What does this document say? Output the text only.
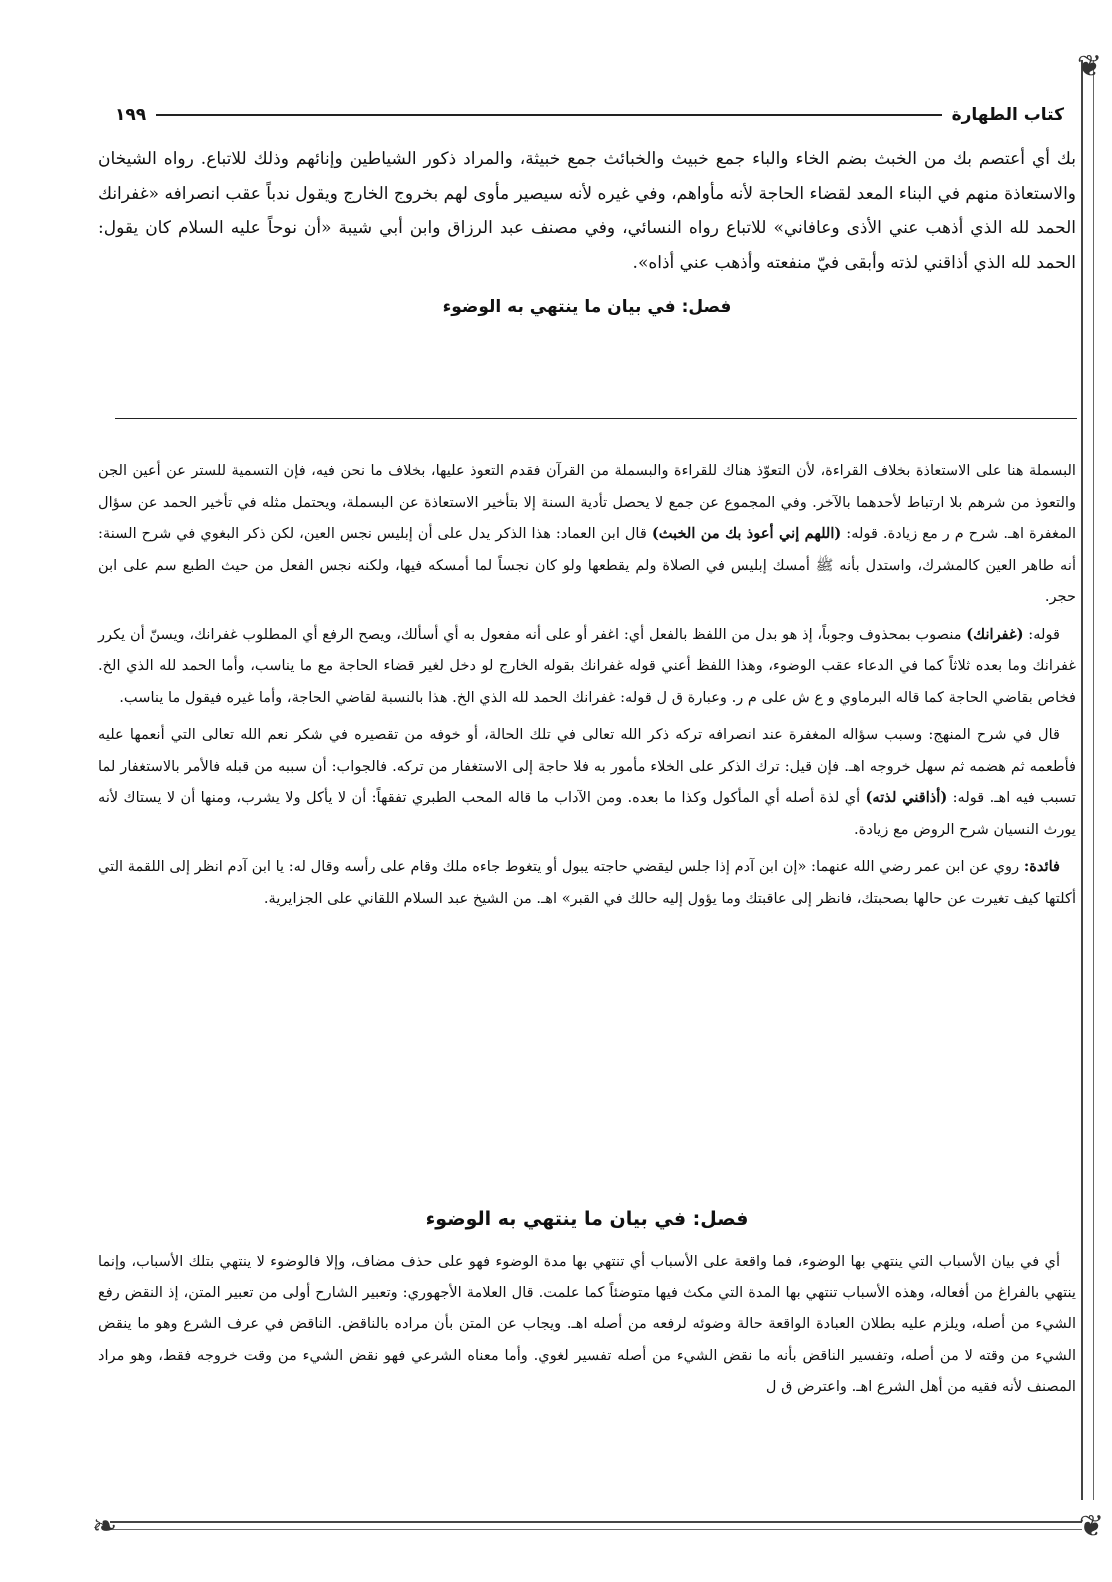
❦
❦
❧
كتاب الطهارة
١٩٩
بك أي أعتصم بك من الخبث بضم الخاء والباء جمع خبيث والخبائث جمع خبيثة، والمراد ذكور الشياطين وإنائهم وذلك للاتباع. رواه الشيخان والاستعاذة منهم في البناء المعد لقضاء الحاجة لأنه مأواهم، وفي غيره لأنه سيصير مأوى لهم بخروج الخارج ويقول ندباً عقب انصرافه «غفرانك الحمد لله الذي أذهب عني الأذى وعافاني» للاتباع رواه النسائي، وفي مصنف عبد الرزاق وابن أبي شيبة «أن نوحاً عليه السلام كان يقول: الحمد لله الذي أذاقني لذته وأبقى فيّ منفعته وأذهب عني أذاه».
فصل: في بيان ما ينتهي به الوضوء

البسملة هنا على الاستعاذة بخلاف القراءة، لأن التعوّذ هناك للقراءة والبسملة من القرآن فقدم التعوذ عليها، بخلاف ما نحن فيه، فإن التسمية للستر عن أعين الجن والتعوذ من شرهم بلا ارتباط لأحدهما بالآخر. وفي المجموع عن جمع لا يحصل تأدية السنة إلا بتأخير الاستعاذة عن البسملة، ويحتمل مثله في تأخير الحمد عن سؤال المغفرة اهـ. شرح م ر مع زيادة. قوله: (اللهم إني أعوذ بك من الخبث) قال ابن العماد: هذا الذكر يدل على أن إبليس نجس العين، لكن ذكر البغوي في شرح السنة: أنه طاهر العين كالمشرك، واستدل بأنه ﷺ أمسك إبليس في الصلاة ولم يقطعها ولو كان نجساً لما أمسكه فيها، ولكنه نجس الفعل من حيث الطبع سم على ابن حجر.

قوله: (غفرانك) منصوب بمحذوف وجوباً، إذ هو بدل من اللفظ بالفعل أي: اغفر أو على أنه مفعول به أي أسألك، ويصح الرفع أي المطلوب غفرانك، ويسنّ أن يكرر غفرانك وما بعده ثلاثاً كما في الدعاء عقب الوضوء، وهذا اللفظ أعني قوله غفرانك بقوله الخارج لو دخل لغير قضاء الحاجة مع ما يناسب، وأما الحمد لله الذي الخ. فخاص بقاضي الحاجة كما قاله البرماوي و ع ش على م ر. وعبارة ق ل قوله: غفرانك الحمد لله الذي الخ. هذا بالنسبة لقاضي الحاجة، وأما غيره فيقول ما يناسب.

قال في شرح المنهج: وسبب سؤاله المغفرة عند انصرافه تركه ذكر الله تعالى في تلك الحالة، أو خوفه من تقصيره في شكر نعم الله تعالى التي أنعمها عليه فأطعمه ثم هضمه ثم سهل خروجه اهـ. فإن قيل: ترك الذكر على الخلاء مأمور به فلا حاجة إلى الاستغفار من تركه. فالجواب: أن سببه من قبله فالأمر بالاستغفار لما تسبب فيه اهـ. قوله: (أذاقني لذته) أي لذة أصله أي المأكول وكذا ما بعده. ومن الآداب ما قاله المحب الطبري تفقهاً: أن لا يأكل ولا يشرب، ومنها أن لا يستاك لأنه يورث النسيان شرح الروض مع زيادة.

فائدة: روي عن ابن عمر رضي الله عنهما: «إن ابن آدم إذا جلس ليقضي حاجته يبول أو يتغوط جاءه ملك وقام على رأسه وقال له: يا ابن آدم انظر إلى اللقمة التي أكلتها كيف تغيرت عن حالها بصحبتك، فانظر إلى عاقبتك وما يؤول إليه حالك في القبر» اهـ. من الشيخ عبد السلام اللقاني على الجزايرية.

فصل: في بيان ما ينتهي به الوضوء

أي في بيان الأسباب التي ينتهي بها الوضوء، فما واقعة على الأسباب أي تنتهي بها مدة الوضوء فهو على حذف مضاف، وإلا فالوضوء لا ينتهي بتلك الأسباب، وإنما ينتهي بالفراغ من أفعاله، وهذه الأسباب تنتهي بها المدة التي مكث فيها متوضئاً كما علمت. قال العلامة الأجهوري: وتعبير الشارح أولى من تعبير المتن، إذ النقض رفع الشيء من أصله، ويلزم عليه بطلان العبادة الواقعة حالة وضوئه لرفعه من أصله اهـ. ويجاب عن المتن بأن مراده بالناقض. الناقض في عرف الشرع وهو ما ينقض الشيء من وقته لا من أصله، وتفسير الناقض بأنه ما نقض الشيء من أصله تفسير لغوي. وأما معناه الشرعي فهو نقض الشيء من وقت خروجه فقط، وهو مراد المصنف لأنه فقيه من أهل الشرع اهـ. واعترض ق ل
